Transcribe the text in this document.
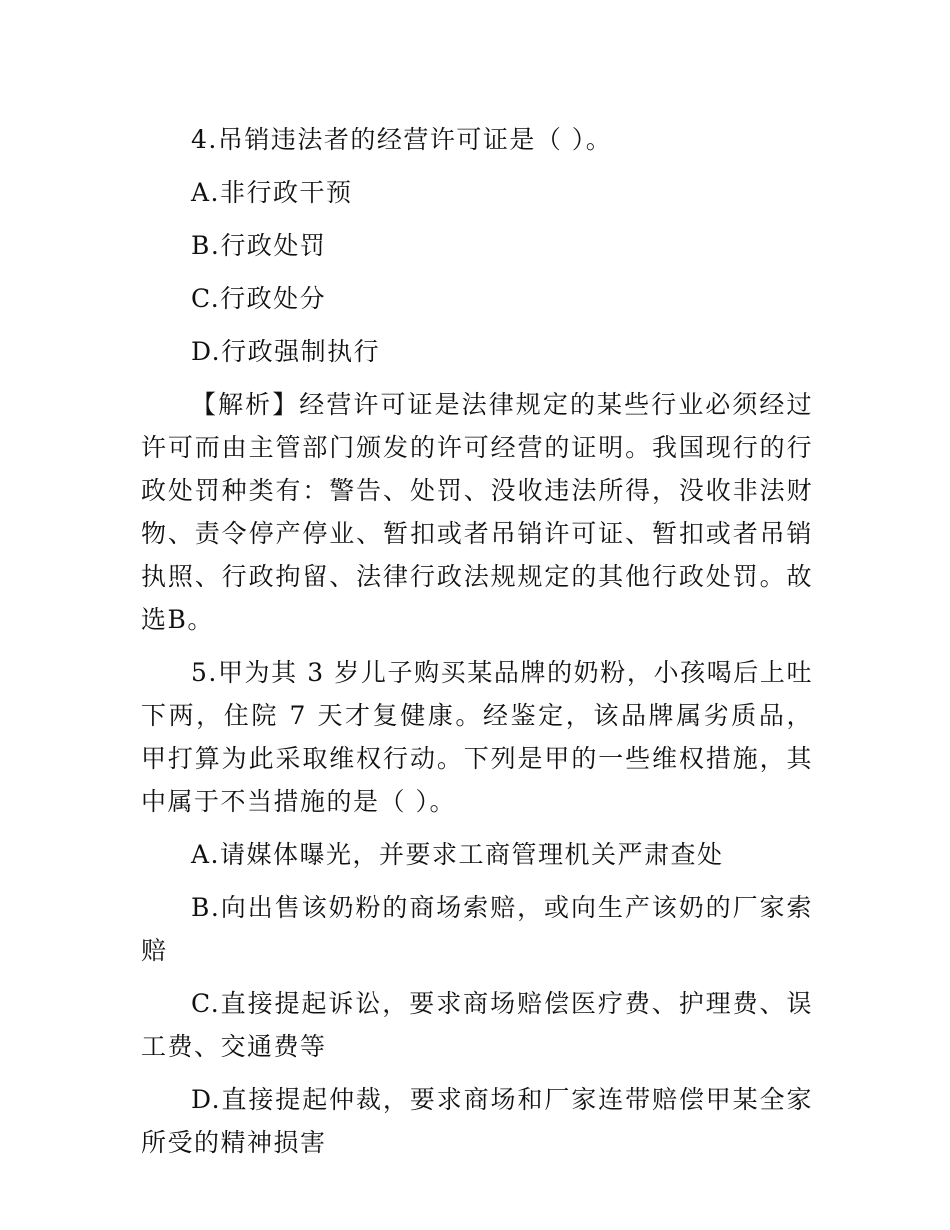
4.吊销违法者的经营许可证是（ ）。

A.非行政干预

B.行政处罚

C.行政处分

D.行政强制执行

【解析】经营许可证是法律规定的某些行业必须经过许可而由主管部门颁发的许可经营的证明。我国现行的行政处罚种类有：警告、处罚、没收违法所得，没收非法财物、责令停产停业、暂扣或者吊销许可证、暂扣或者吊销执照、行政拘留、法律行政法规规定的其他行政处罚。故选B。

5.甲为其 3 岁儿子购买某品牌的奶粉，小孩喝后上吐下两，住院 7 天才复健康。经鉴定，该品牌属劣质品，甲打算为此采取维权行动。下列是甲的一些维权措施，其中属于不当措施的是（ ）。

A.请媒体曝光，并要求工商管理机关严肃查处

B.向出售该奶粉的商场索赔，或向生产该奶的厂家索赔

C.直接提起诉讼，要求商场赔偿医疗费、护理费、误工费、交通费等

D.直接提起仲裁，要求商场和厂家连带赔偿甲某全家所受的精神损害
